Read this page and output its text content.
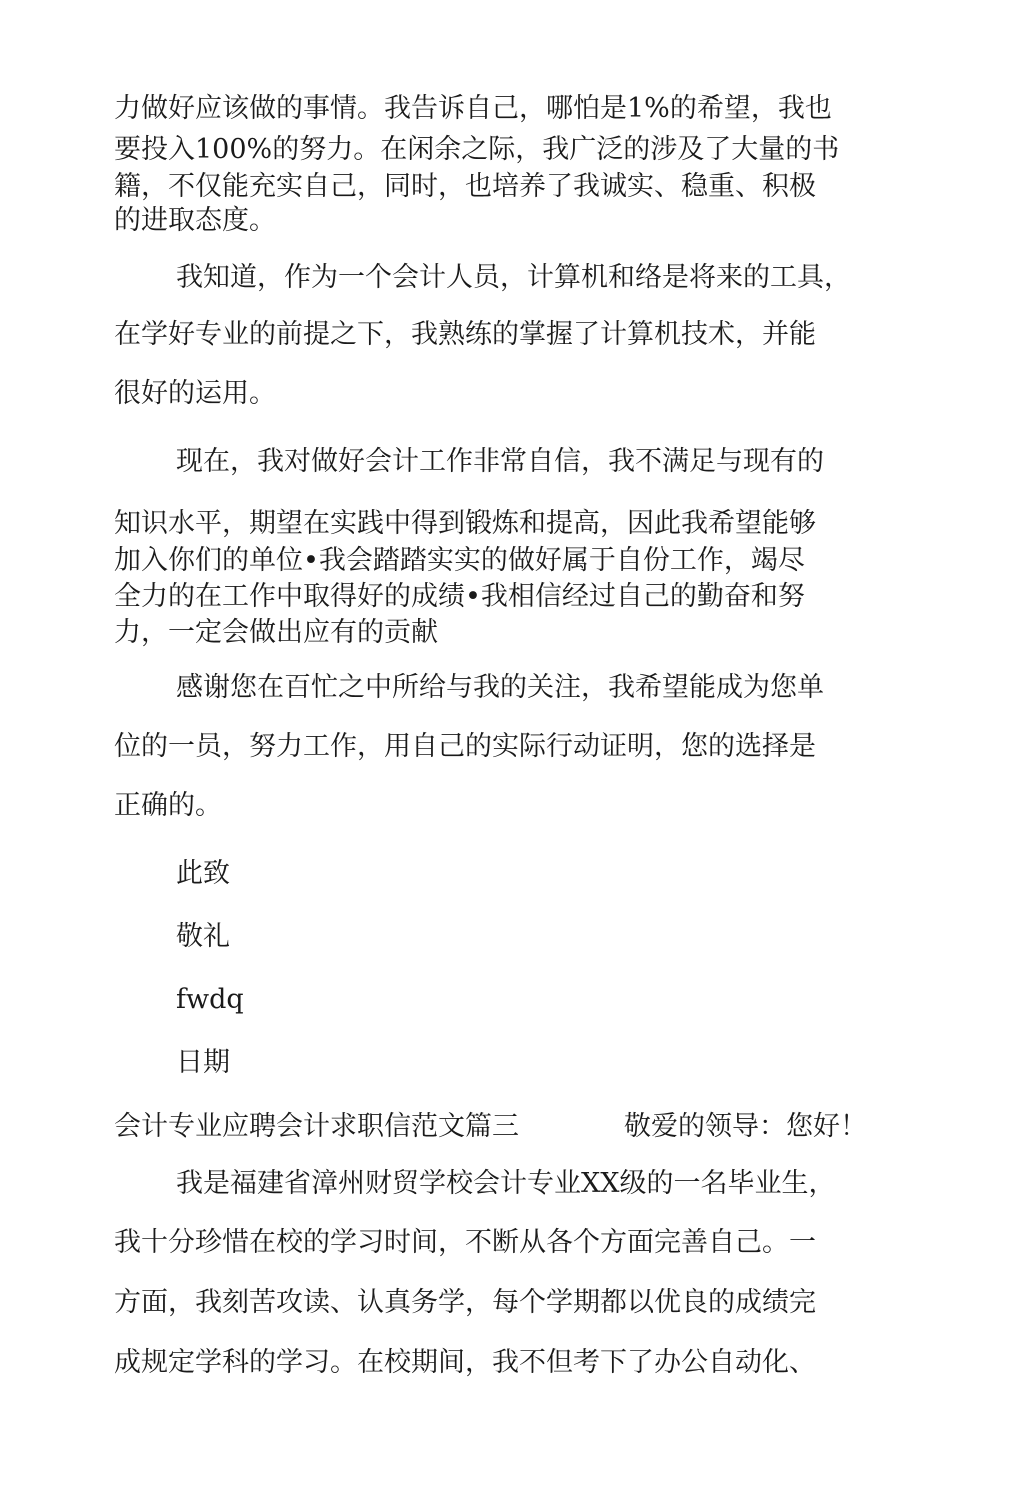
力做好应该做的事情。我告诉自己，哪怕是1%的希望，我也
要投入100%的努力。在闲余之际，我广泛的涉及了大量的书
籍，不仅能充实自己，同时，也培养了我诚实、稳重、积极
的进取态度。
我知道，作为一个会计人员，计算机和络是将来的工具，
在学好专业的前提之下，我熟练的掌握了计算机技术，并能
很好的运用。
现在，我对做好会计工作非常自信，我不满足与现有的
知识水平，期望在实践中得到锻炼和提高，因此我希望能够
加入你们的单位•我会踏踏实实的做好属于自份工作，竭尽
全力的在工作中取得好的成绩•我相信经过自己的勤奋和努
力，一定会做出应有的贡献
感谢您在百忙之中所给与我的关注，我希望能成为您单
位的一员，努力工作，用自己的实际行动证明，您的选择是
正确的。
此致
敬礼
fwdq
日期
会计专业应聘会计求职信范文篇三	敬爱的领导：您好！
我是福建省漳州财贸学校会计专业XX级的一名毕业生，
我十分珍惜在校的学习时间，不断从各个方面完善自己。一
方面，我刻苦攻读、认真务学，每个学期都以优良的成绩完
成规定学科的学习。在校期间，我不但考下了办公自动化、
